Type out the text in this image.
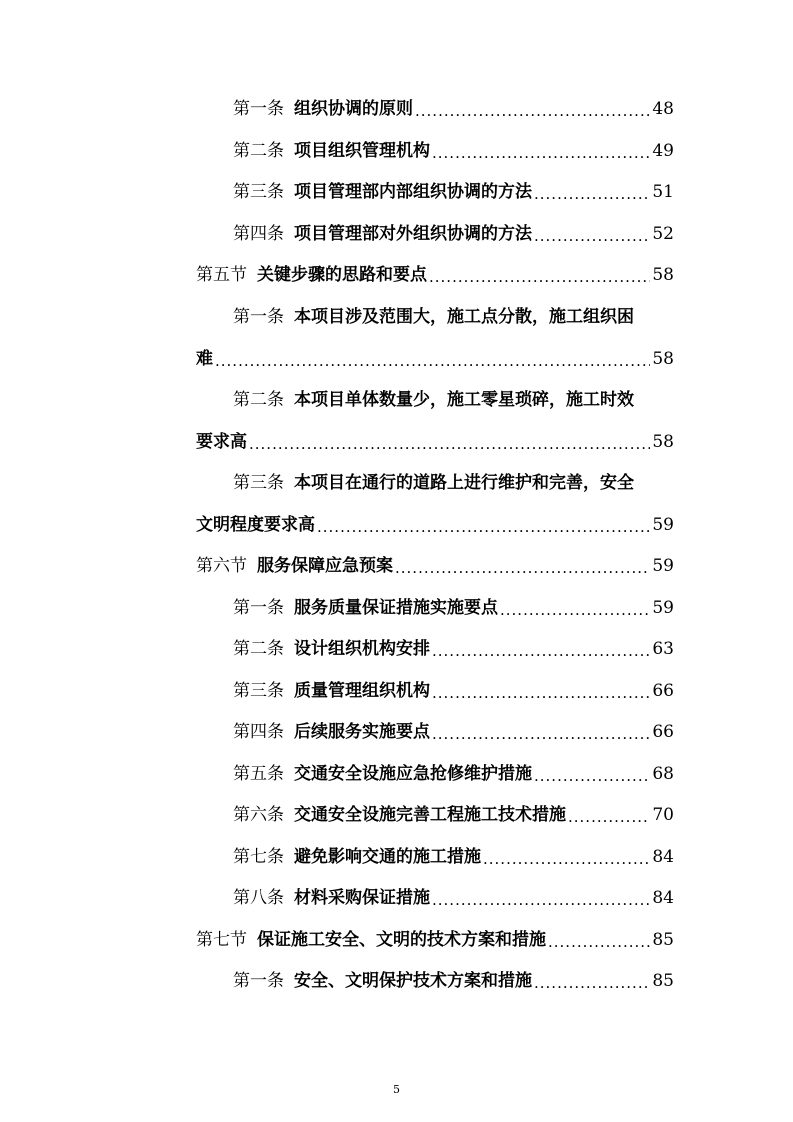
第一条 组织协调的原则 .....	48
第二条 项目组织管理机构 .....	49
第三条 项目管理部内部组织协调的方法 .....	51
第四条 项目管理部对外组织协调的方法 .....	52
第五节 关键步骤的思路和要点 .....	58
第一条 本项目涉及范围大，施工点分散，施工组织困
难 .....	58
第二条 本项目单体数量少，施工零星琐碎，施工时效
要求高 .....	58
第三条 本项目在通行的道路上进行维护和完善，安全
文明程度要求高 .....	59
第六节 服务保障应急预案 .....	59
第一条 服务质量保证措施实施要点 .....	59
第二条 设计组织机构安排 .....	63
第三条 质量管理组织机构 .....	66
第四条 后续服务实施要点 .....	66
第五条 交通安全设施应急抢修维护措施 .....	68
第六条 交通安全设施完善工程施工技术措施 .....	70
第七条 避免影响交通的施工措施 .....	84
第八条 材料采购保证措施 .....	84
第七节 保证施工安全、文明的技术方案和措施 .....	85
第一条 安全、文明保护技术方案和措施 .....	85
5
